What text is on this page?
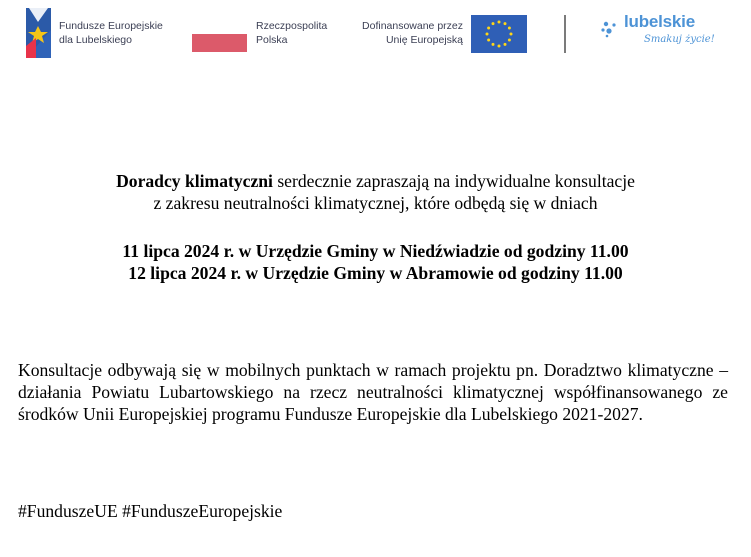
Fundusze Europejskie
dla Lubelskiego
Rzeczpospolita
Polska
Dofinansowane przez
Unię Europejską
lubelskie
Smakuj życie!
Doradcy klimatyczni serdecznie zapraszają na indywidualne konsultacje
z zakresu neutralności klimatycznej, które odbędą się w dniach
11 lipca 2024 r. w Urzędzie Gminy w Niedźwiadzie od godziny 11.00
12 lipca 2024 r. w Urzędzie Gminy w Abramowie od godziny 11.00
Konsultacje odbywają się w mobilnych punktach w ramach projektu pn. Doradztwo klimatyczne – działania Powiatu Lubartowskiego na rzecz neutralności klimatycznej współfinansowanego ze środków Unii Europejskiej programu Fundusze Europejskie dla Lubelskiego 2021-2027.
#FunduszeUE #FunduszeEuropejskie
